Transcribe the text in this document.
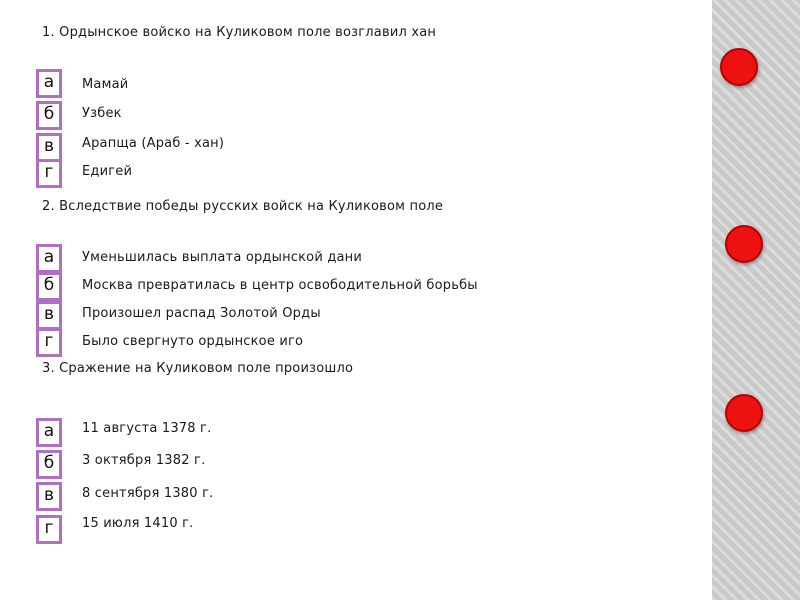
1. Ордынское войско на Куликовом поле возглавил хан
а	Мамай
б	Узбек
в	Арапща (Араб - хан)
г	Едигей
2. Вследствие победы русских войск на Куликовом поле
а	Уменьшилась выплата ордынской дани
б	Москва превратилась в центр освободительной борьбы
в	Произошел распад Золотой Орды
г	Было свергнуто ордынское иго
3. Сражение на Куликовом поле произошло
а	11 августа 1378 г.
б	3 октября 1382 г.
в	8 сентября 1380 г.
г	15 июля 1410 г.
